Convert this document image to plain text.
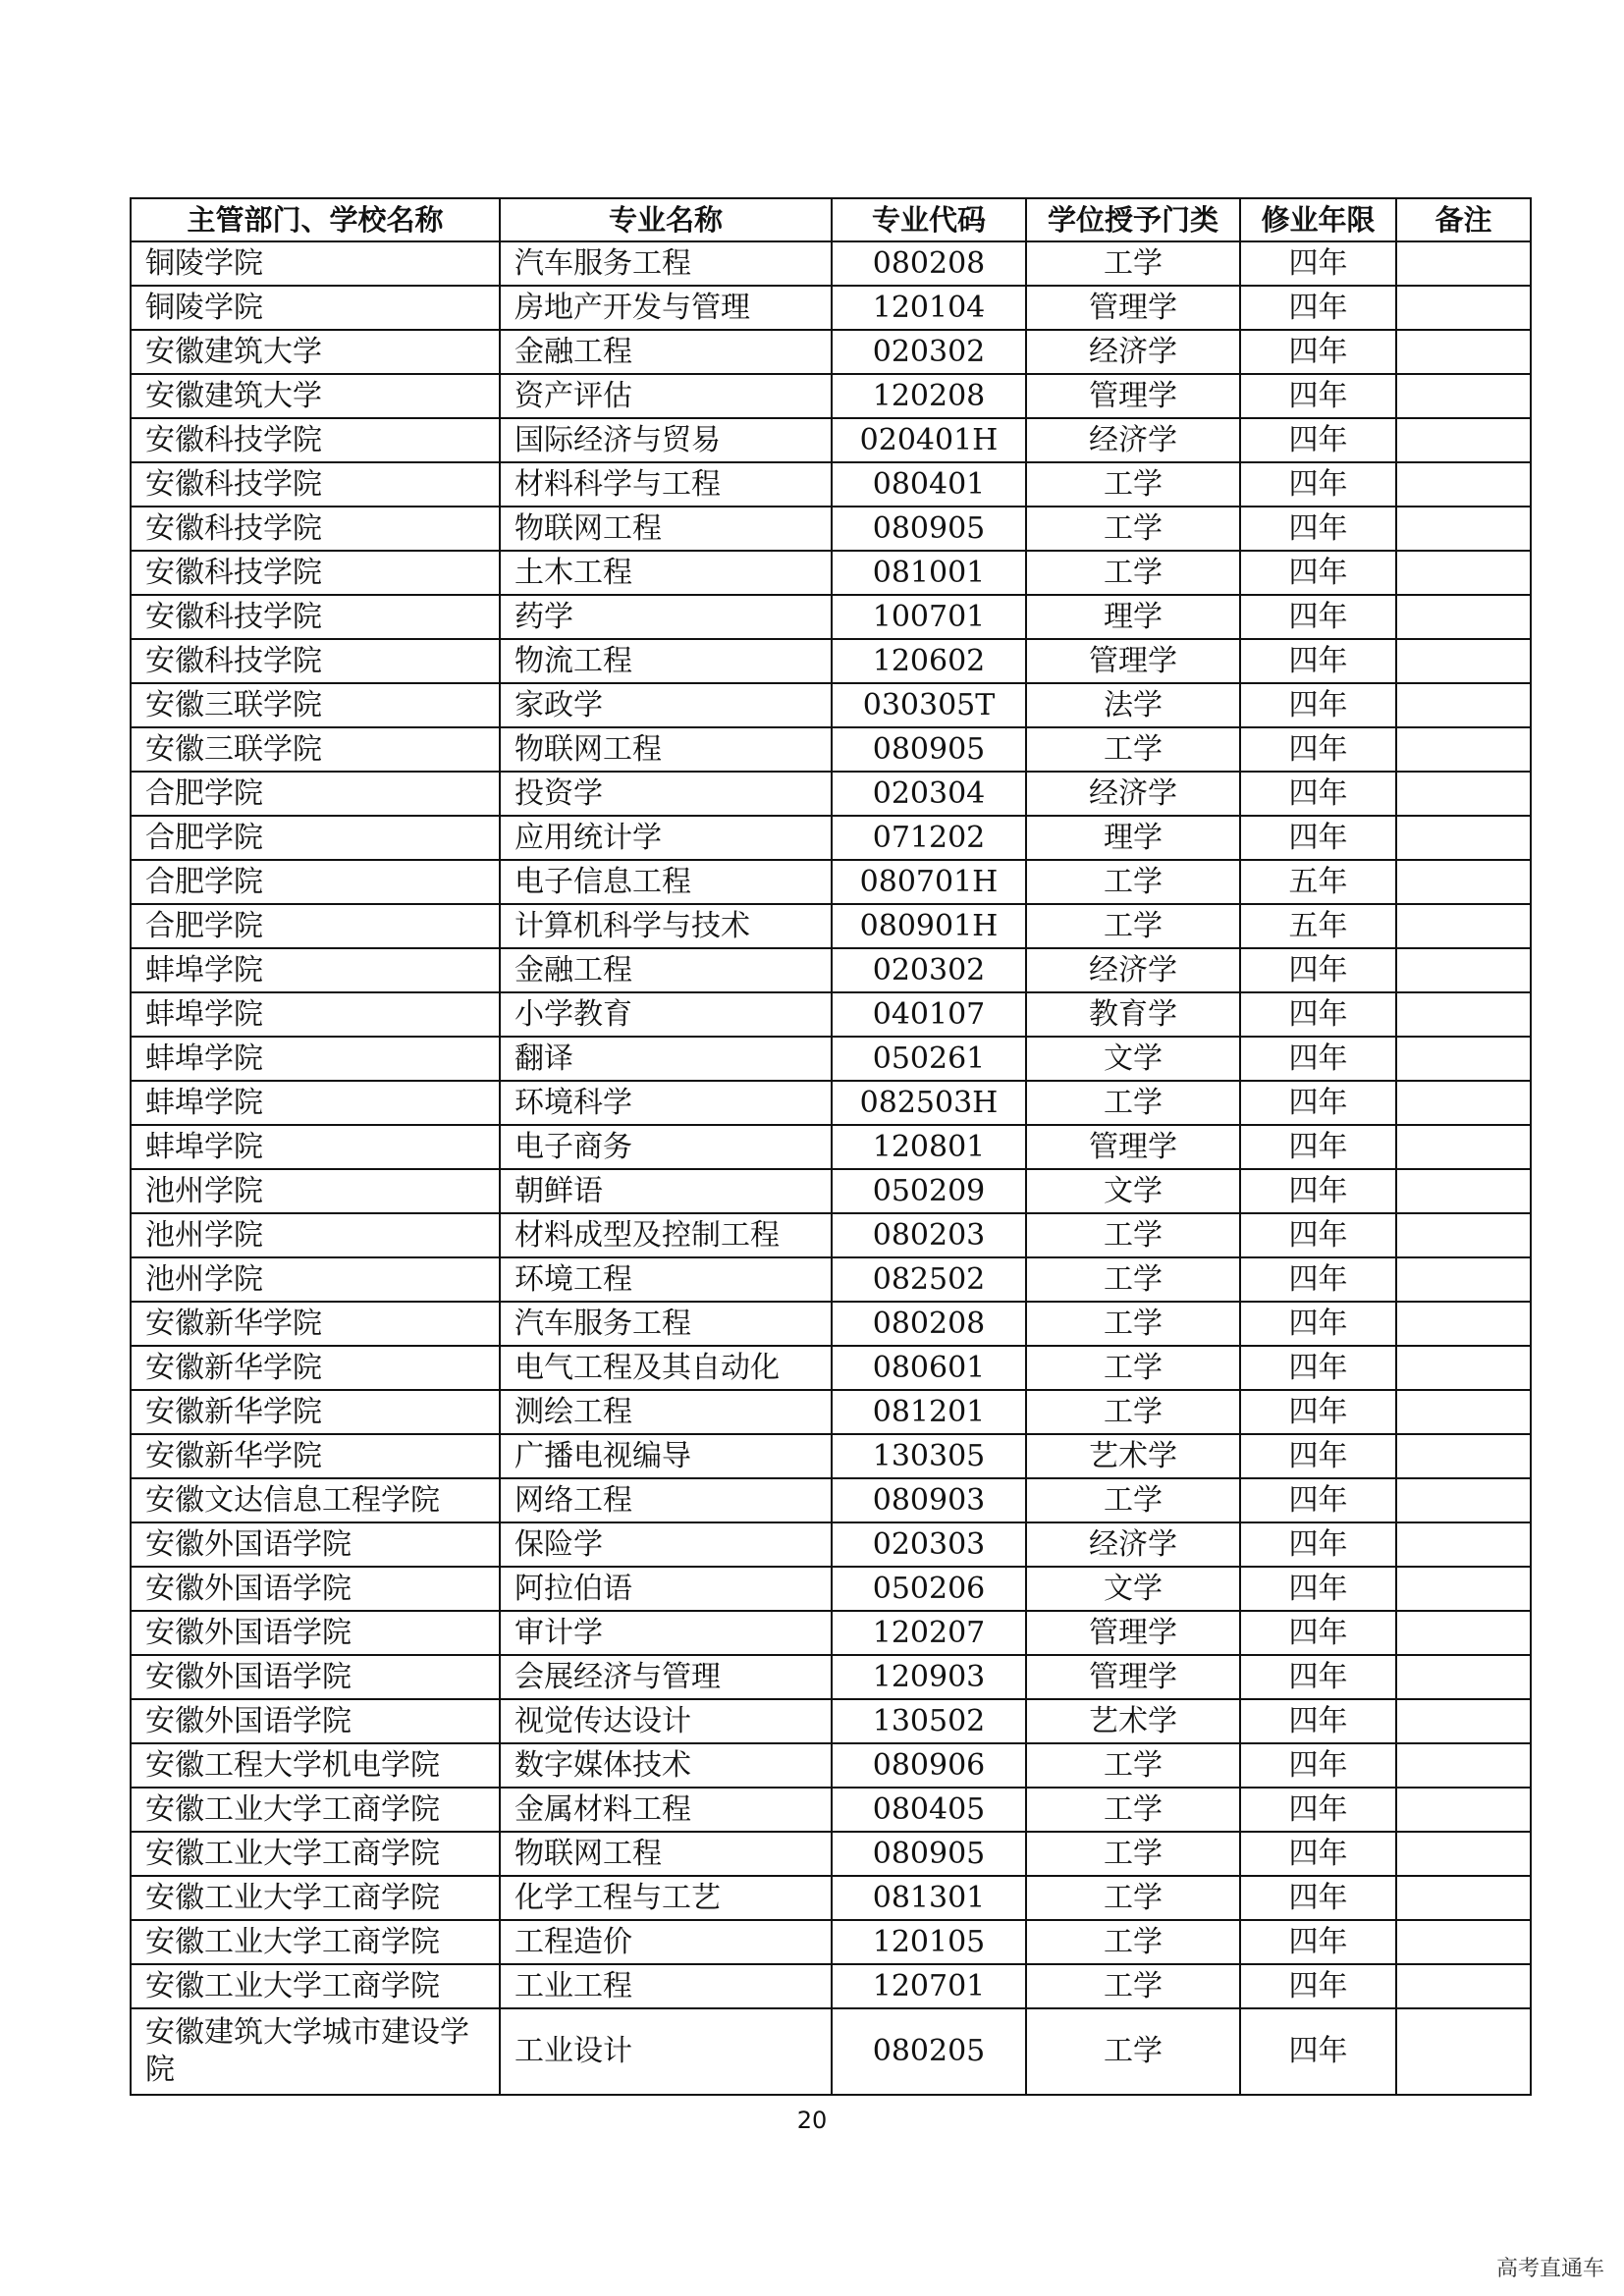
主管部门、学校名称	专业名称	专业代码	学位授予门类	修业年限	备注
铜陵学院	汽车服务工程	080208	工学	四年	
铜陵学院	房地产开发与管理	120104	管理学	四年	
安徽建筑大学	金融工程	020302	经济学	四年	
安徽建筑大学	资产评估	120208	管理学	四年	
安徽科技学院	国际经济与贸易	020401H	经济学	四年	
安徽科技学院	材料科学与工程	080401	工学	四年	
安徽科技学院	物联网工程	080905	工学	四年	
安徽科技学院	土木工程	081001	工学	四年	
安徽科技学院	药学	100701	理学	四年	
安徽科技学院	物流工程	120602	管理学	四年	
安徽三联学院	家政学	030305T	法学	四年	
安徽三联学院	物联网工程	080905	工学	四年	
合肥学院	投资学	020304	经济学	四年	
合肥学院	应用统计学	071202	理学	四年	
合肥学院	电子信息工程	080701H	工学	五年	
合肥学院	计算机科学与技术	080901H	工学	五年	
蚌埠学院	金融工程	020302	经济学	四年	
蚌埠学院	小学教育	040107	教育学	四年	
蚌埠学院	翻译	050261	文学	四年	
蚌埠学院	环境科学	082503H	工学	四年	
蚌埠学院	电子商务	120801	管理学	四年	
池州学院	朝鲜语	050209	文学	四年	
池州学院	材料成型及控制工程	080203	工学	四年	
池州学院	环境工程	082502	工学	四年	
安徽新华学院	汽车服务工程	080208	工学	四年	
安徽新华学院	电气工程及其自动化	080601	工学	四年	
安徽新华学院	测绘工程	081201	工学	四年	
安徽新华学院	广播电视编导	130305	艺术学	四年	
安徽文达信息工程学院	网络工程	080903	工学	四年	
安徽外国语学院	保险学	020303	经济学	四年	
安徽外国语学院	阿拉伯语	050206	文学	四年	
安徽外国语学院	审计学	120207	管理学	四年	
安徽外国语学院	会展经济与管理	120903	管理学	四年	
安徽外国语学院	视觉传达设计	130502	艺术学	四年	
安徽工程大学机电学院	数字媒体技术	080906	工学	四年	
安徽工业大学工商学院	金属材料工程	080405	工学	四年	
安徽工业大学工商学院	物联网工程	080905	工学	四年	
安徽工业大学工商学院	化学工程与工艺	081301	工学	四年	
安徽工业大学工商学院	工程造价	120105	工学	四年	
安徽工业大学工商学院	工业工程	120701	工学	四年	
安徽建筑大学城市建设学院	工业设计	080205	工学	四年	
20
高考直通车
